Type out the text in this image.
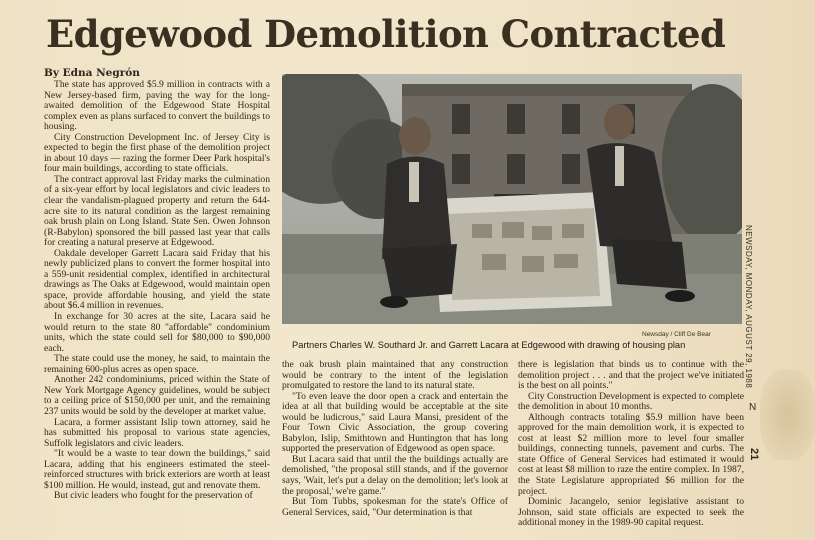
Edgewood Demolition Contracted
By Edna Negrón

The state has approved $5.9 million in contracts with a New Jersey-based firm, paving the way for the long-awaited demolition of the Edgewood State Hospital complex even as plans surfaced to convert the buildings to housing.

City Construction Development Inc. of Jersey City is expected to begin the first phase of the demolition project in about 10 days — razing the former Deer Park hospital's four main buildings, according to state officials.

The contract approval last Friday marks the culmination of a six-year effort by local legislators and civic leaders to clear the vandalism-plagued property and return the 644-acre site to its natural condition as the largest remaining oak brush plain on Long Island. State Sen. Owen Johnson (R-Babylon) sponsored the bill passed last year that calls for creating a natural preserve at Edgewood.

Oakdale developer Garrett Lacara said Friday that his newly publicized plans to convert the former hospital into a 559-unit residential complex, identified in architectural drawings as The Oaks at Edgewood, would maintain open space, provide affordable housing, and yield the state about $6.4 million in revenues.

In exchange for 30 acres at the site, Lacara said he would return to the state 80 "affordable" condominium units, which the state could sell for $80,000 to $90,000 each.

The state could use the money, he said, to maintain the remaining 600-plus acres as open space.

Another 242 condominiums, priced within the State of New York Mortgage Agency guidelines, would be subject to a ceiling price of $150,000 per unit, and the remaining 237 units would be sold by the developer at market value.

Lacara, a former assistant Islip town attorney, said he has submitted his proposal to various state agencies, Suffolk legislators and civic leaders.

"It would be a waste to tear down the buildings," said Lacara, adding that his engineers estimated the steel-reinforced structures with brick exteriors are worth at least $100 million. He would, instead, gut and renovate them.

But civic leaders who fought for the preservation of

Newsday / Cliff De Bear
Partners Charles W. Southard Jr. and Garrett Lacara at Edgewood with drawing of housing plan

the oak brush plain maintained that any construction would be contrary to the intent of the legislation promulgated to restore the land to its natural state.

"To even leave the door open a crack and entertain the idea at all that building would be acceptable at the site would be ludicrous," said Laura Mansi, president of the Four Town Civic Association, the group covering Babylon, Islip, Smithtown and Huntington that has long supported the preservation of Edgewood as open space.

But Lacara said that until the the buildings actually are demolished, "the proposal still stands, and if the governor says, 'Wait, let's put a delay on the demolition; let's look at the proposal,' we're game."

But Tom Tubbs, spokesman for the state's Office of General Services, said, "Our determination is that

there is legislation that binds us to continue with the demolition project . . . and that the project we've initiated is the best on all points."

City Construction Development is expected to complete the demolition in about 10 months.

Although contracts totaling $5.9 million have been approved for the main demolition work, it is expected to cost at least $2 million more to level four smaller buildings, connecting tunnels, pavement and curbs. The state Office of General Services had estimated it would cost at least $8 million to raze the entire complex. In 1987, the State Legislature appropriated $6 million for the project.

Dominic Jacangelo, senior legislative assistant to Johnson, said state officials are expected to seek the additional money in the 1989-90 capital request.

NEWSDAY, MONDAY, AUGUST 29, 1988
N
21
